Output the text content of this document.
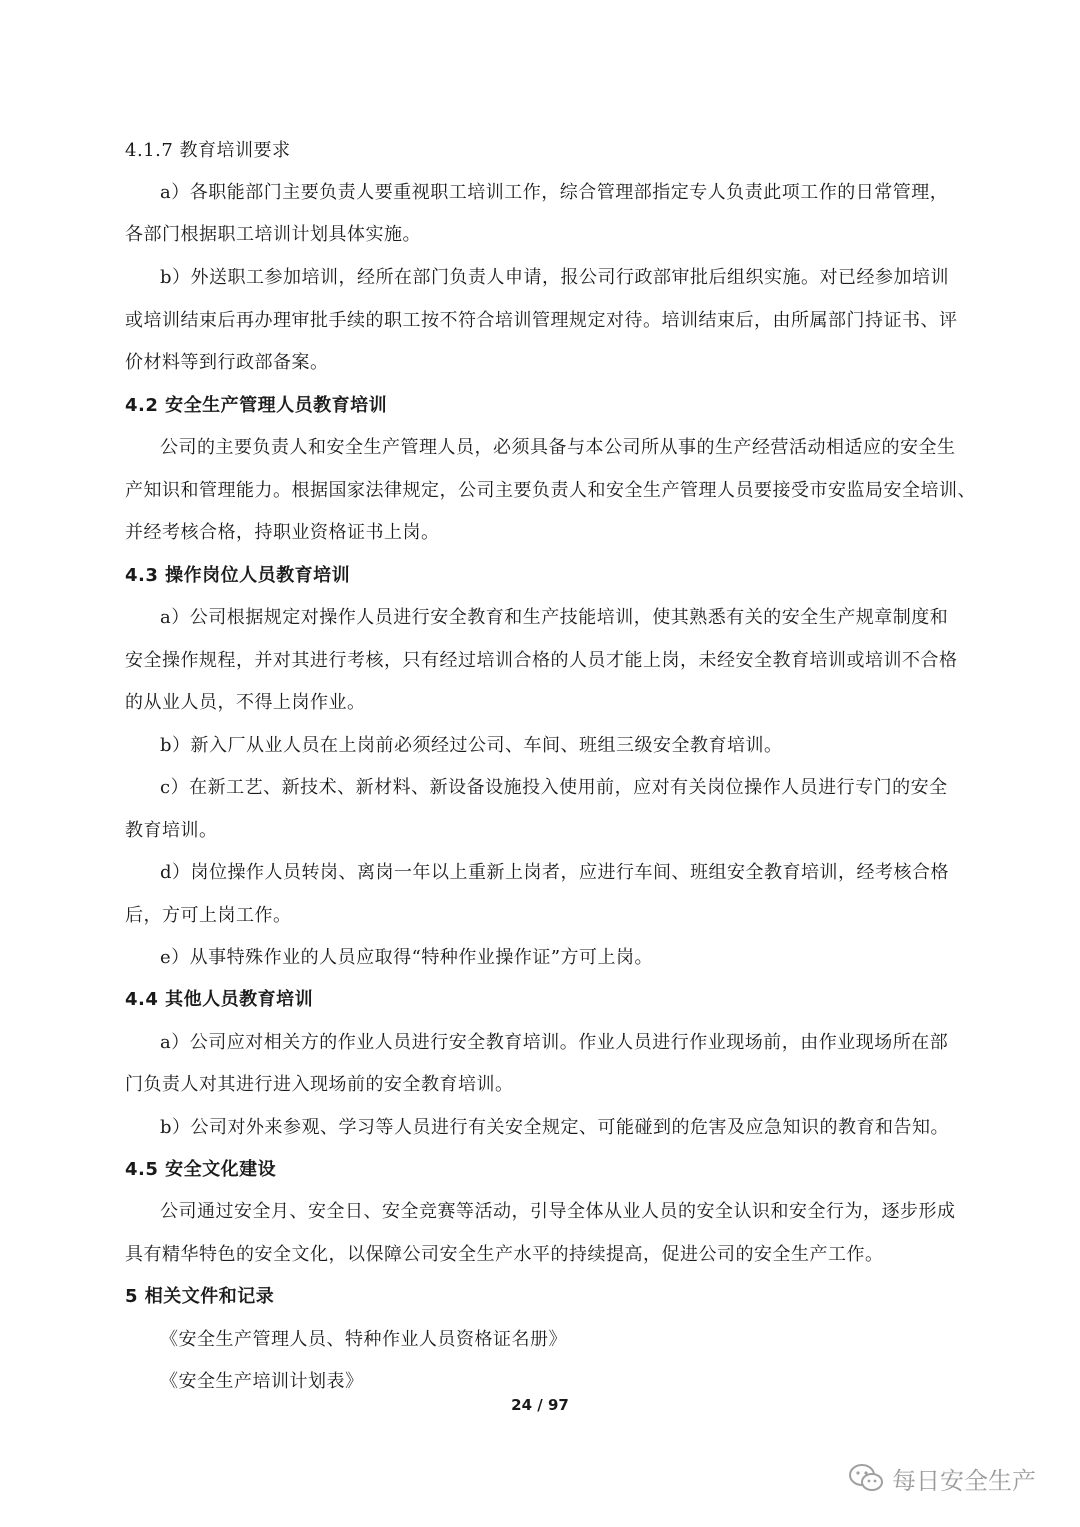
4.1.7 教育培训要求
a）各职能部门主要负责人要重视职工培训工作，综合管理部指定专人负责此项工作的日常管理，
各部门根据职工培训计划具体实施。
b）外送职工参加培训，经所在部门负责人申请，报公司行政部审批后组织实施。对已经参加培训
或培训结束后再办理审批手续的职工按不符合培训管理规定对待。培训结束后，由所属部门持证书、评
价材料等到行政部备案。
4.2 安全生产管理人员教育培训
公司的主要负责人和安全生产管理人员，必须具备与本公司所从事的生产经营活动相适应的安全生
产知识和管理能力。根据国家法律规定，公司主要负责人和安全生产管理人员要接受市安监局安全培训、
并经考核合格，持职业资格证书上岗。
4.3 操作岗位人员教育培训
a）公司根据规定对操作人员进行安全教育和生产技能培训，使其熟悉有关的安全生产规章制度和
安全操作规程，并对其进行考核，只有经过培训合格的人员才能上岗，未经安全教育培训或培训不合格
的从业人员，不得上岗作业。
b）新入厂从业人员在上岗前必须经过公司、车间、班组三级安全教育培训。
c）在新工艺、新技术、新材料、新设备设施投入使用前，应对有关岗位操作人员进行专门的安全
教育培训。
d）岗位操作人员转岗、离岗一年以上重新上岗者，应进行车间、班组安全教育培训，经考核合格
后，方可上岗工作。
e）从事特殊作业的人员应取得“特种作业操作证”方可上岗。
4.4 其他人员教育培训
a）公司应对相关方的作业人员进行安全教育培训。作业人员进行作业现场前，由作业现场所在部
门负责人对其进行进入现场前的安全教育培训。
b）公司对外来参观、学习等人员进行有关安全规定、可能碰到的危害及应急知识的教育和告知。
4.5 安全文化建设
公司通过安全月、安全日、安全竞赛等活动，引导全体从业人员的安全认识和安全行为，逐步形成
具有精华特色的安全文化，以保障公司安全生产水平的持续提高，促进公司的安全生产工作。
5 相关文件和记录
《安全生产管理人员、特种作业人员资格证名册》
《安全生产培训计划表》
24 / 97
每日安全生产
